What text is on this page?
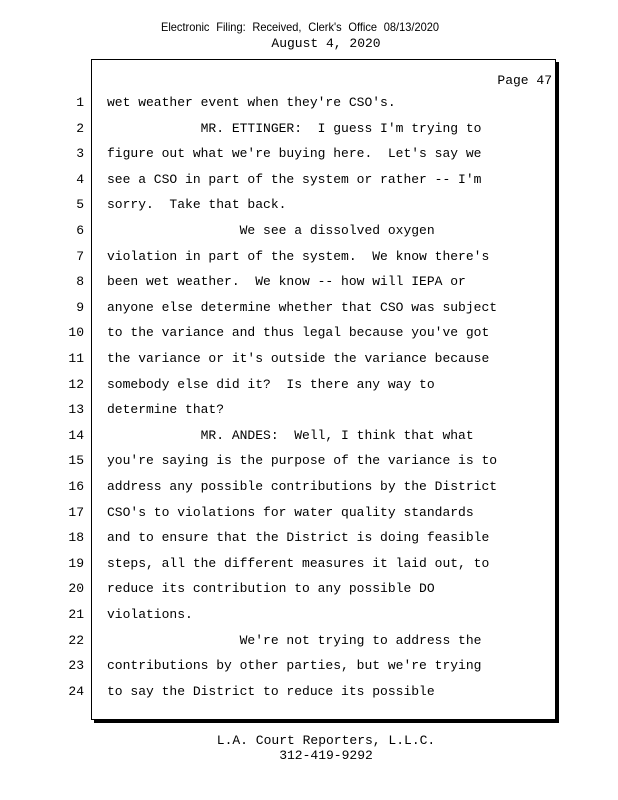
Electronic Filing: Received, Clerk's Office 08/13/2020
August 4, 2020
Page 47
1 wet weather event when they're CSO's.
2 MR. ETTINGER:  I guess I'm trying to
3 figure out what we're buying here.  Let's say we
4 see a CSO in part of the system or rather -- I'm
5 sorry.  Take that back.
6 We see a dissolved oxygen
7 violation in part of the system.  We know there's
8 been wet weather.  We know -- how will IEPA or
9 anyone else determine whether that CSO was subject
10 to the variance and thus legal because you've got
11 the variance or it's outside the variance because
12 somebody else did it?  Is there any way to
13 determine that?
14 MR. ANDES:  Well, I think that what
15 you're saying is the purpose of the variance is to
16 address any possible contributions by the District
17 CSO's to violations for water quality standards
18 and to ensure that the District is doing feasible
19 steps, all the different measures it laid out, to
20 reduce its contribution to any possible DO
21 violations.
22 We're not trying to address the
23 contributions by other parties, but we're trying
24 to say the District to reduce its possible
L.A. Court Reporters, L.L.C.
312-419-9292
